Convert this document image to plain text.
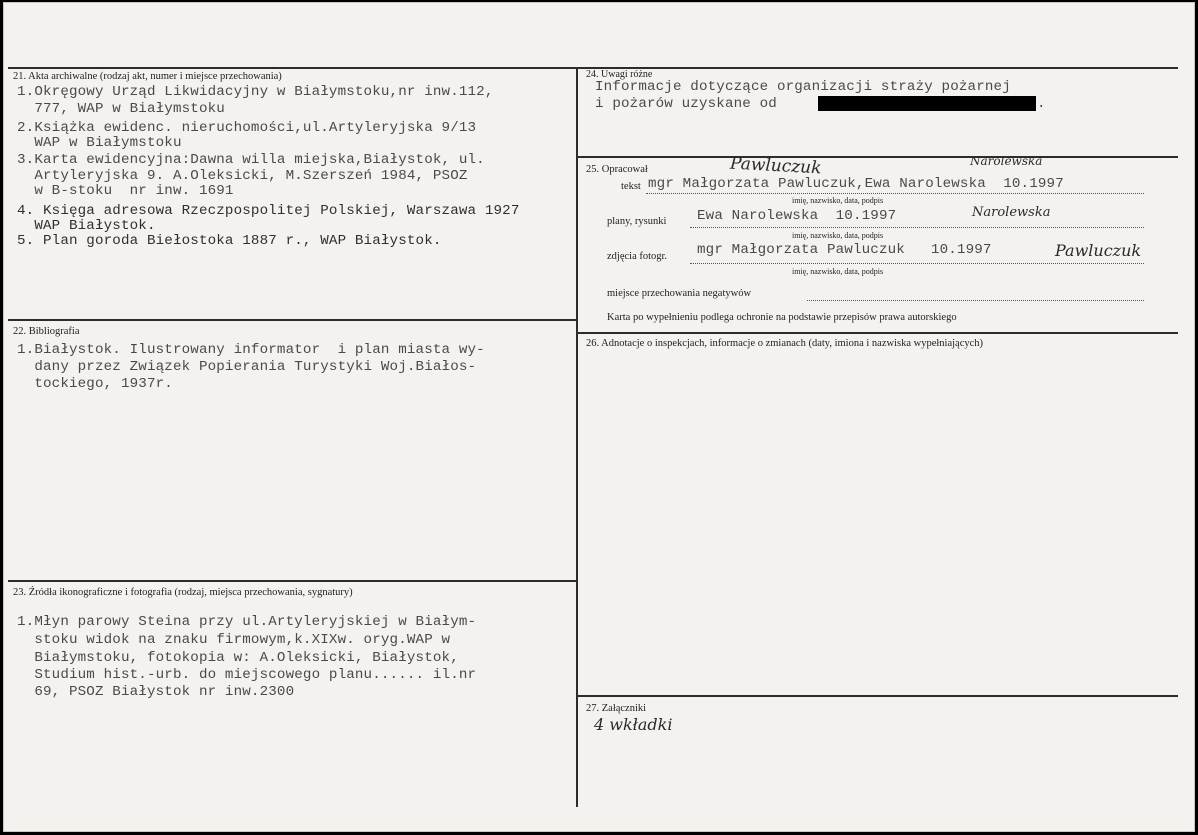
21. Akta archiwalne (rodzaj akt, numer i miejsce przechowania)
1.Okręgowy Urząd Likwidacyjny w Białymstoku,nr inw.112,
777, WAP w Białymstoku
2.Książka ewidenc. nieruchomości,ul.Artyleryjska 9/13
WAP w Białymstoku
3.Karta ewidencyjna:Dawna willa miejska,Białystok, ul.
Artyleryjska 9. A.Oleksicki, M.Szerszeń 1984, PSOZ
w B-stoku  nr inw. 1691
4. Księga adresowa Rzeczpospolitej Polskiej, Warszawa 1927
WAP Białystok.
5. Plan goroda Biełostoka 1887 r., WAP Białystok.
22. Bibliografia
1.Białystok. Ilustrowany informator  i plan miasta wy-
dany przez Związek Popierania Turystyki Woj.Białos-
tockiego, 1937r.
23. Źródła ikonograficzne i fotografia (rodzaj, miejsca przechowania, sygnatury)
1.Młyn parowy Steina przy ul.Artyleryjskiej w Białym-
stoku widok na znaku firmowym,k.XIXw. oryg.WAP w
Białymstoku, fotokopia w: A.Oleksicki, Białystok,
Studium hist.-urb. do miejscowego planu...... il.nr
69, PSOZ Białystok nr inw.2300
24. Uwagi różne
Informacje dotyczące organizacji straży pożarnej
i pożarów uzyskane od	.
25. Opracował	Pawluczuk	Narolewska
tekst mgr Małgorzata Pawluczuk,Ewa Narolewska  10.1997
imię, nazwisko, data, podpis
plany, rysunki Ewa Narolewska  10.1997	Narolewska
imię, nazwisko, data, podpis
zdjęcia fotogr. mgr Małgorzata Pawluczuk   10.1997	Pawluczuk
imię, nazwisko, data, podpis
miejsce przechowania negatywów
Karta po wypełnieniu podlega ochronie na podstawie przepisów prawa autorskiego
26. Adnotacje o inspekcjach, informacje o zmianach (daty, imiona i nazwiska wypełniających)
27. Załączniki
4 wkładki
